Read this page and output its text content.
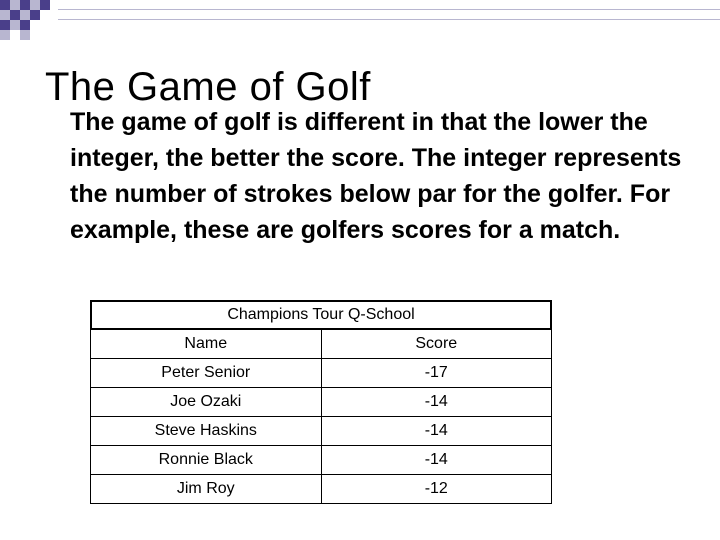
The Game of Golf

The game of golf is different in that the lower the integer, the better the score. The integer represents the number of strokes below par for the golfer. For example, these are golfers scores for a match.

Champions Tour Q-School	
Name	Score
Peter Senior	-17
Joe Ozaki	-14
Steve Haskins	-14
Ronnie Black	-14
Jim Roy	-12
